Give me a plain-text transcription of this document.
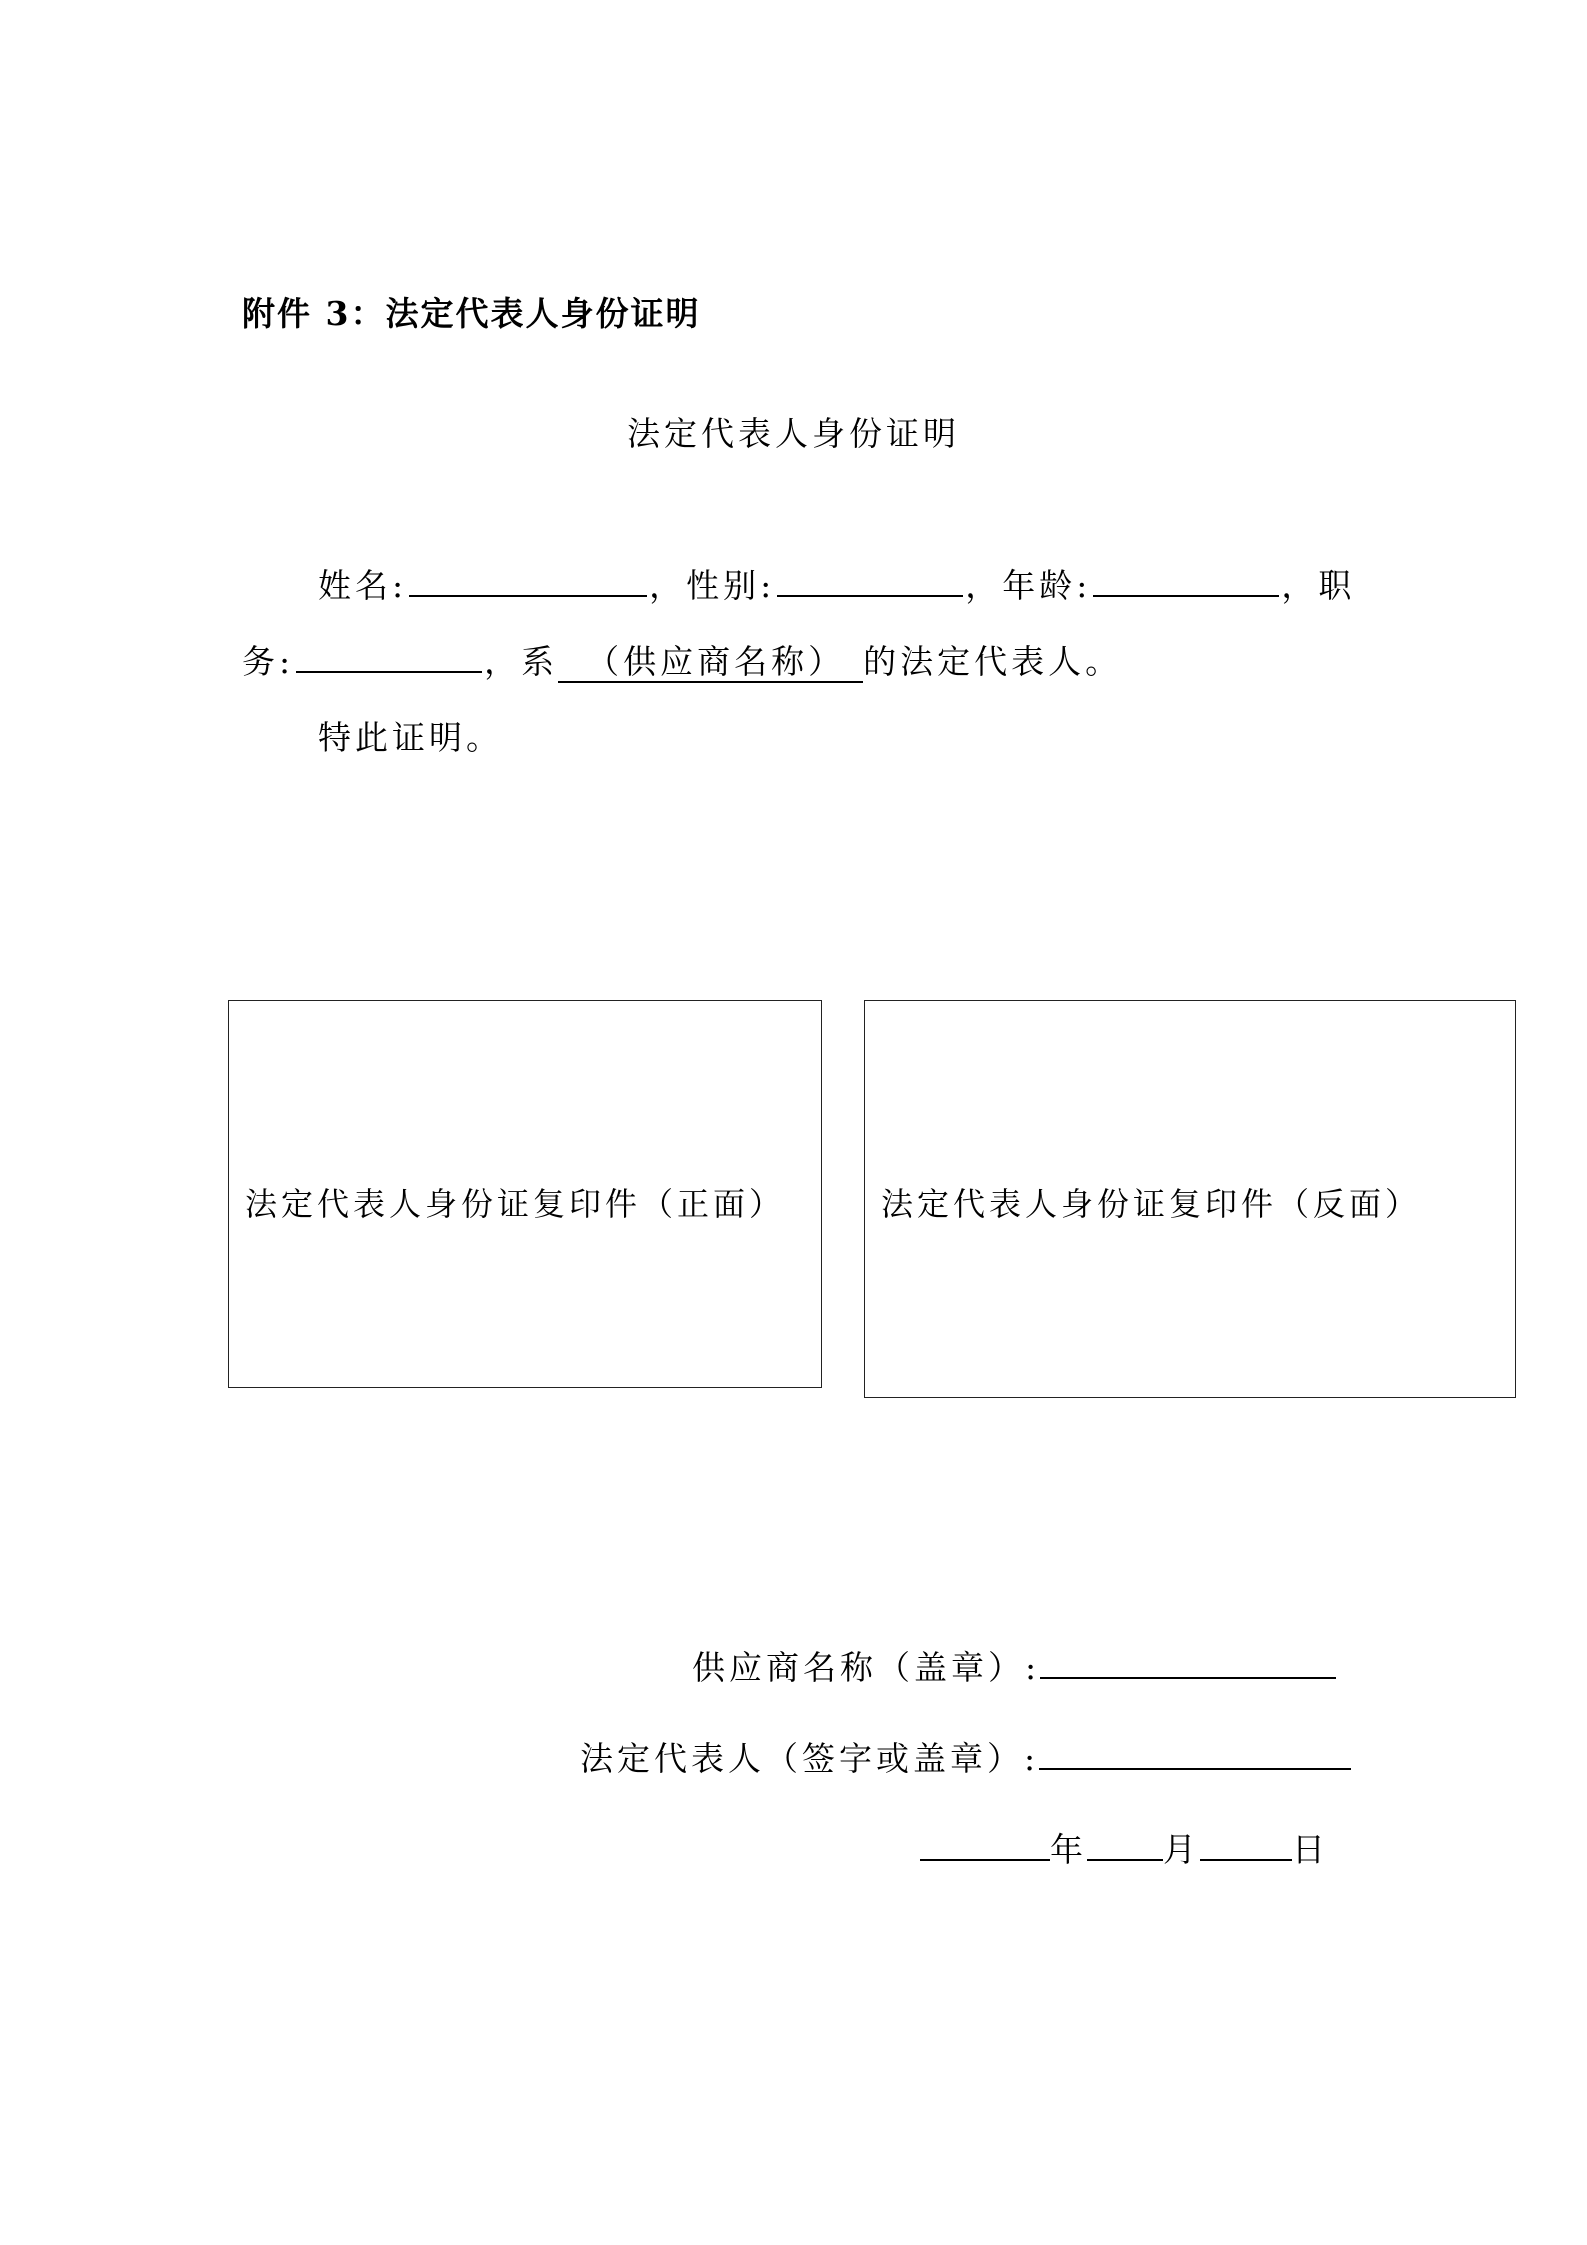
附件 3：法定代表人身份证明
法定代表人身份证明
姓名:	，性别:	，年龄:	，职
务:	，系 （供应商名称） 的法定代表人。
特此证明。
法定代表人身份证复印件（正面）	法定代表人身份证复印件（反面）
供应商名称（盖章）:
法定代表人（签字或盖章）:
年 月	日
